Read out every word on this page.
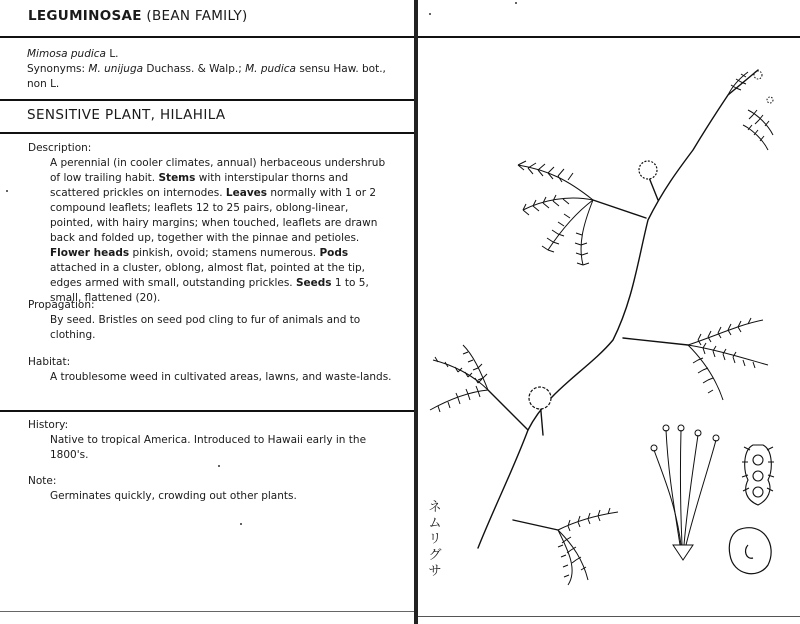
LEGUMINOSAE (BEAN FAMILY)
Mimosa pudica L.
Synonyms: M. unijuga Duchass. & Walp.; M. pudica sensu Haw. bot., non L.
SENSITIVE PLANT, HILAHILA
Description:
A perennial (in cooler climates, annual) herbaceous undershrub of low trailing habit. Stems with interstipular thorns and scattered prickles on internodes. Leaves normally with 1 or 2 compound leaflets; leaflets 12 to 25 pairs, oblong-linear, pointed, with hairy margins; when touched, leaflets are drawn back and folded up, together with the pinnae and petioles. Flower heads pinkish, ovoid; stamens numerous. Pods attached in a cluster, oblong, almost flat, pointed at the tip, edges armed with small, outstanding prickles. Seeds 1 to 5, small, flattened (20).
Propagation:
By seed. Bristles on seed pod cling to fur of animals and to clothing.
Habitat:
A troublesome weed in cultivated areas, lawns, and waste-lands.
History:
Native to tropical America. Introduced to Hawaii early in the 1800's.
Note:
Germinates quickly, crowding out other plants.
ネ
ム
リ
グ
サ
